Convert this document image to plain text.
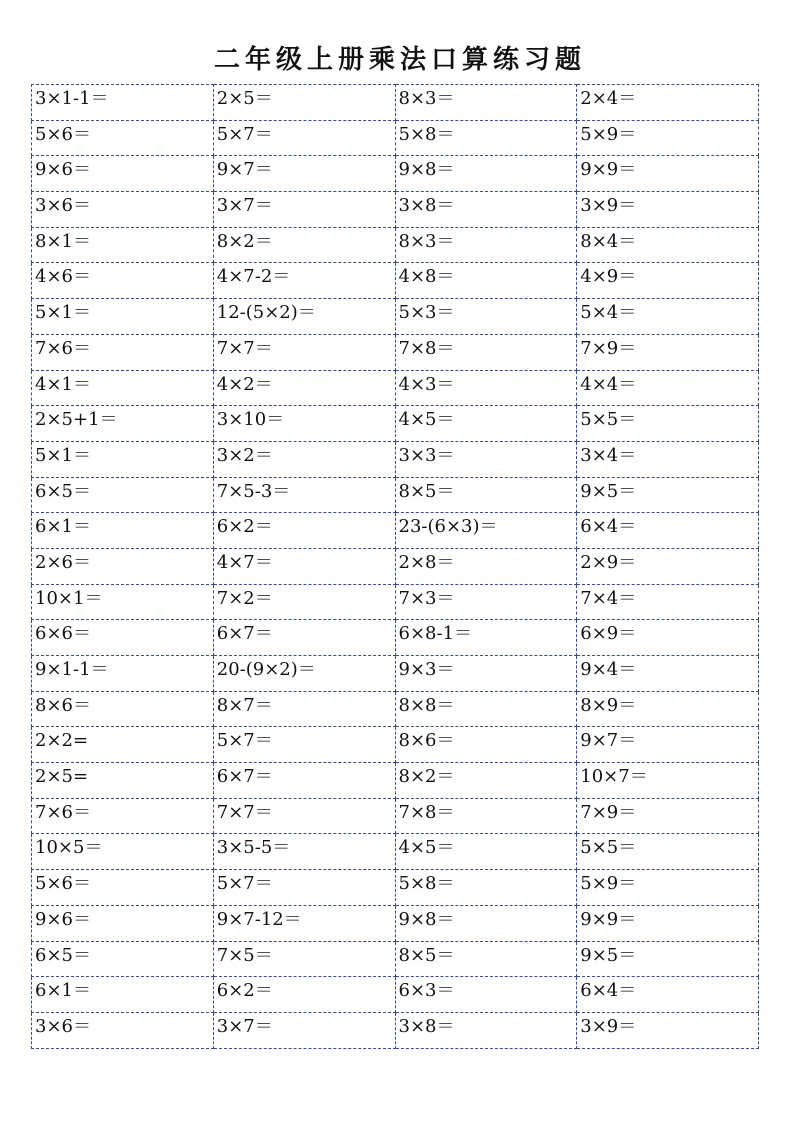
二年级上册乘法口算练习题
3×1-1＝	2×5＝	8×3＝	2×4＝
5×6＝	5×7＝	5×8＝	5×9＝
9×6＝	9×7＝	9×8＝	9×9＝
3×6＝	3×7＝	3×8＝	3×9＝
8×1＝	8×2＝	8×3＝	8×4＝
4×6＝	4×7-2＝	4×8＝	4×9＝
5×1＝	12-(5×2)＝	5×3＝	5×4＝
7×6＝	7×7＝	7×8＝	7×9＝
4×1＝	4×2＝	4×3＝	4×4＝
2×5+1＝	3×10＝	4×5＝	5×5＝
5×1＝	3×2＝	3×3＝	3×4＝
6×5＝	7×5-3＝	8×5＝	9×5＝
6×1＝	6×2＝	23-(6×3)＝	6×4＝
2×6＝	4×7＝	2×8＝	2×9＝
10×1＝	7×2＝	7×3＝	7×4＝
6×6＝	6×7＝	6×8-1＝	6×9＝
9×1-1＝	20-(9×2)＝	9×3＝	9×4＝
8×6＝	8×7＝	8×8＝	8×9＝
2×2=	5×7＝	8×6＝	9×7＝
2×5=	6×7＝	8×2＝	10×7＝
7×6＝	7×7＝	7×8＝	7×9＝
10×5＝	3×5-5＝	4×5＝	5×5＝
5×6＝	5×7＝	5×8＝	5×9＝
9×6＝	9×7-12＝	9×8＝	9×9＝
6×5＝	7×5＝	8×5＝	9×5＝
6×1＝	6×2＝	6×3＝	6×4＝
3×6＝	3×7＝	3×8＝	3×9＝
